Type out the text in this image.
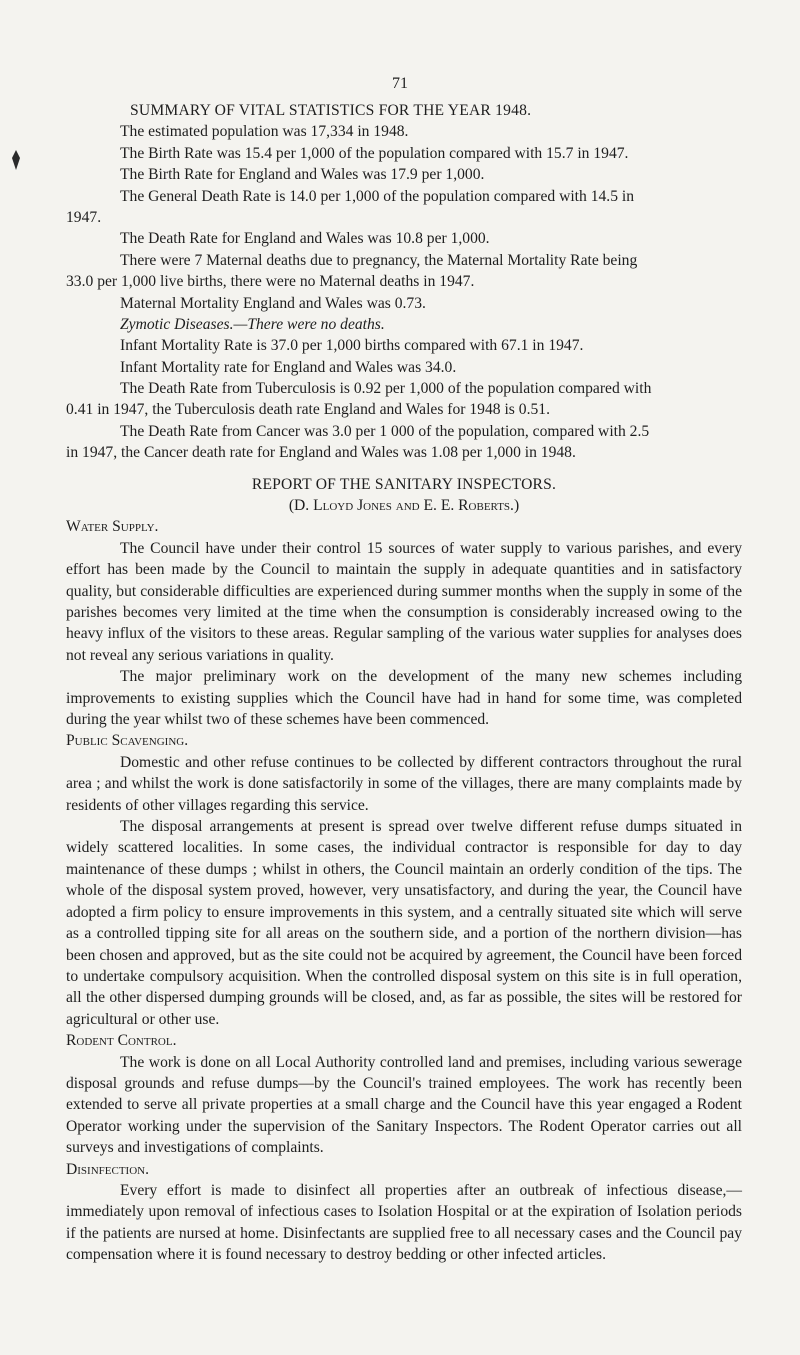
71
SUMMARY OF VITAL STATISTICS FOR THE YEAR 1948.
The estimated population was 17,334 in 1948.
The Birth Rate was 15.4 per 1,000 of the population compared with 15.7 in 1947.
The Birth Rate for England and Wales was 17.9 per 1,000.
The General Death Rate is 14.0 per 1,000 of the population compared with 14.5 in
1947.
The Death Rate for England and Wales was 10.8 per 1,000.
There were 7 Maternal deaths due to pregnancy, the Maternal Mortality Rate being
33.0 per 1,000 live births, there were no Maternal deaths in 1947.
Maternal Mortality England and Wales was 0.73.
Zymotic Diseases.—There were no deaths.
Infant Mortality Rate is 37.0 per 1,000 births compared with 67.1 in 1947.
Infant Mortality rate for England and Wales was 34.0.
The Death Rate from Tuberculosis is 0.92 per 1,000 of the population compared with
0.41 in 1947, the Tuberculosis death rate England and Wales for 1948 is 0.51.
The Death Rate from Cancer was 3.0 per 1 000 of the population, compared with 2.5
in 1947, the Cancer death rate for England and Wales was 1.08 per 1,000 in 1948.
REPORT OF THE SANITARY INSPECTORS.
(D. Lloyd Jones and E. E. Roberts.)
Water Supply.
The Council have under their control 15 sources of water supply to various parishes, and every effort has been made by the Council to maintain the supply in adequate quantities and in satisfactory quality, but considerable difficulties are experienced during summer months when the supply in some of the parishes becomes very limited at the time when the consumption is considerably increased owing to the heavy influx of the visitors to these areas. Regular sampling of the various water supplies for analyses does not reveal any serious variations in quality.
The major preliminary work on the development of the many new schemes including improvements to existing supplies which the Council have had in hand for some time, was completed during the year whilst two of these schemes have been commenced.
Public Scavenging.
Domestic and other refuse continues to be collected by different contractors throughout the rural area ; and whilst the work is done satisfactorily in some of the villages, there are many complaints made by residents of other villages regarding this service.
The disposal arrangements at present is spread over twelve different refuse dumps situated in widely scattered localities. In some cases, the individual contractor is responsible for day to day maintenance of these dumps ; whilst in others, the Council maintain an orderly condition of the tips. The whole of the disposal system proved, however, very unsatisfactory, and during the year, the Council have adopted a firm policy to ensure improvements in this system, and a centrally situated site which will serve as a controlled tipping site for all areas on the southern side, and a portion of the northern division—has been chosen and approved, but as the site could not be acquired by agreement, the Council have been forced to undertake compulsory acquisition. When the controlled disposal system on this site is in full operation, all the other dispersed dumping grounds will be closed, and, as far as possible, the sites will be restored for agricultural or other use.
Rodent Control.
The work is done on all Local Authority controlled land and premises, including various sewerage disposal grounds and refuse dumps—by the Council's trained employees. The work has recently been extended to serve all private properties at a small charge and the Council have this year engaged a Rodent Operator working under the supervision of the Sanitary Inspectors. The Rodent Operator carries out all surveys and investigations of complaints.
Disinfection.
Every effort is made to disinfect all properties after an outbreak of infectious disease,—immediately upon removal of infectious cases to Isolation Hospital or at the expiration of Isolation periods if the patients are nursed at home. Disinfectants are supplied free to all necessary cases and the Council pay compensation where it is found necessary to destroy bedding or other infected articles.
